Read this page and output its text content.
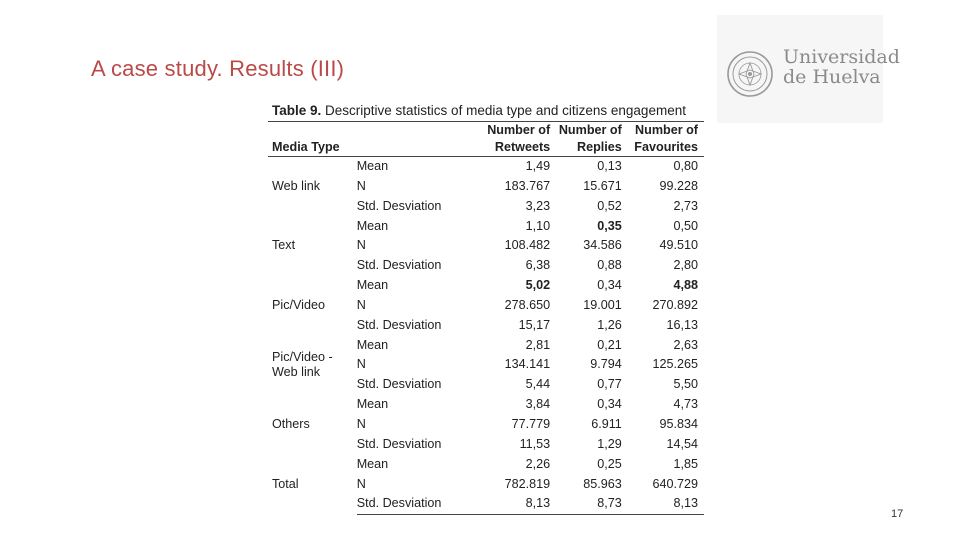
A case study. Results (III)	Universidad
de Huelva
Table 9. Descriptive statistics of media type and citizens engagement
		Number of	Number of	Number of
Media Type		Retweets	Replies	Favourites
Web link	Mean	1,49	0,13	0,80
	N	183.767	15.671	99.228
	Std. Desviation	3,23	0,52	2,73
Text	Mean	1,10	0,35	0,50
	N	108.482	34.586	49.510
	Std. Desviation	6,38	0,88	2,80
Pic/Video	Mean	5,02	0,34	4,88
	N	278.650	19.001	270.892
	Std. Desviation	15,17	1,26	16,13
Pic/Video - Web link	Mean	2,81	0,21	2,63
	N	134.141	9.794	125.265
	Std. Desviation	5,44	0,77	5,50
Others	Mean	3,84	0,34	4,73
	N	77.779	6.911	95.834
	Std. Desviation	11,53	1,29	14,54
Total	Mean	2,26	0,25	1,85
	N	782.819	85.963	640.729
	Std. Desviation	8,13	8,73	8,13
17
